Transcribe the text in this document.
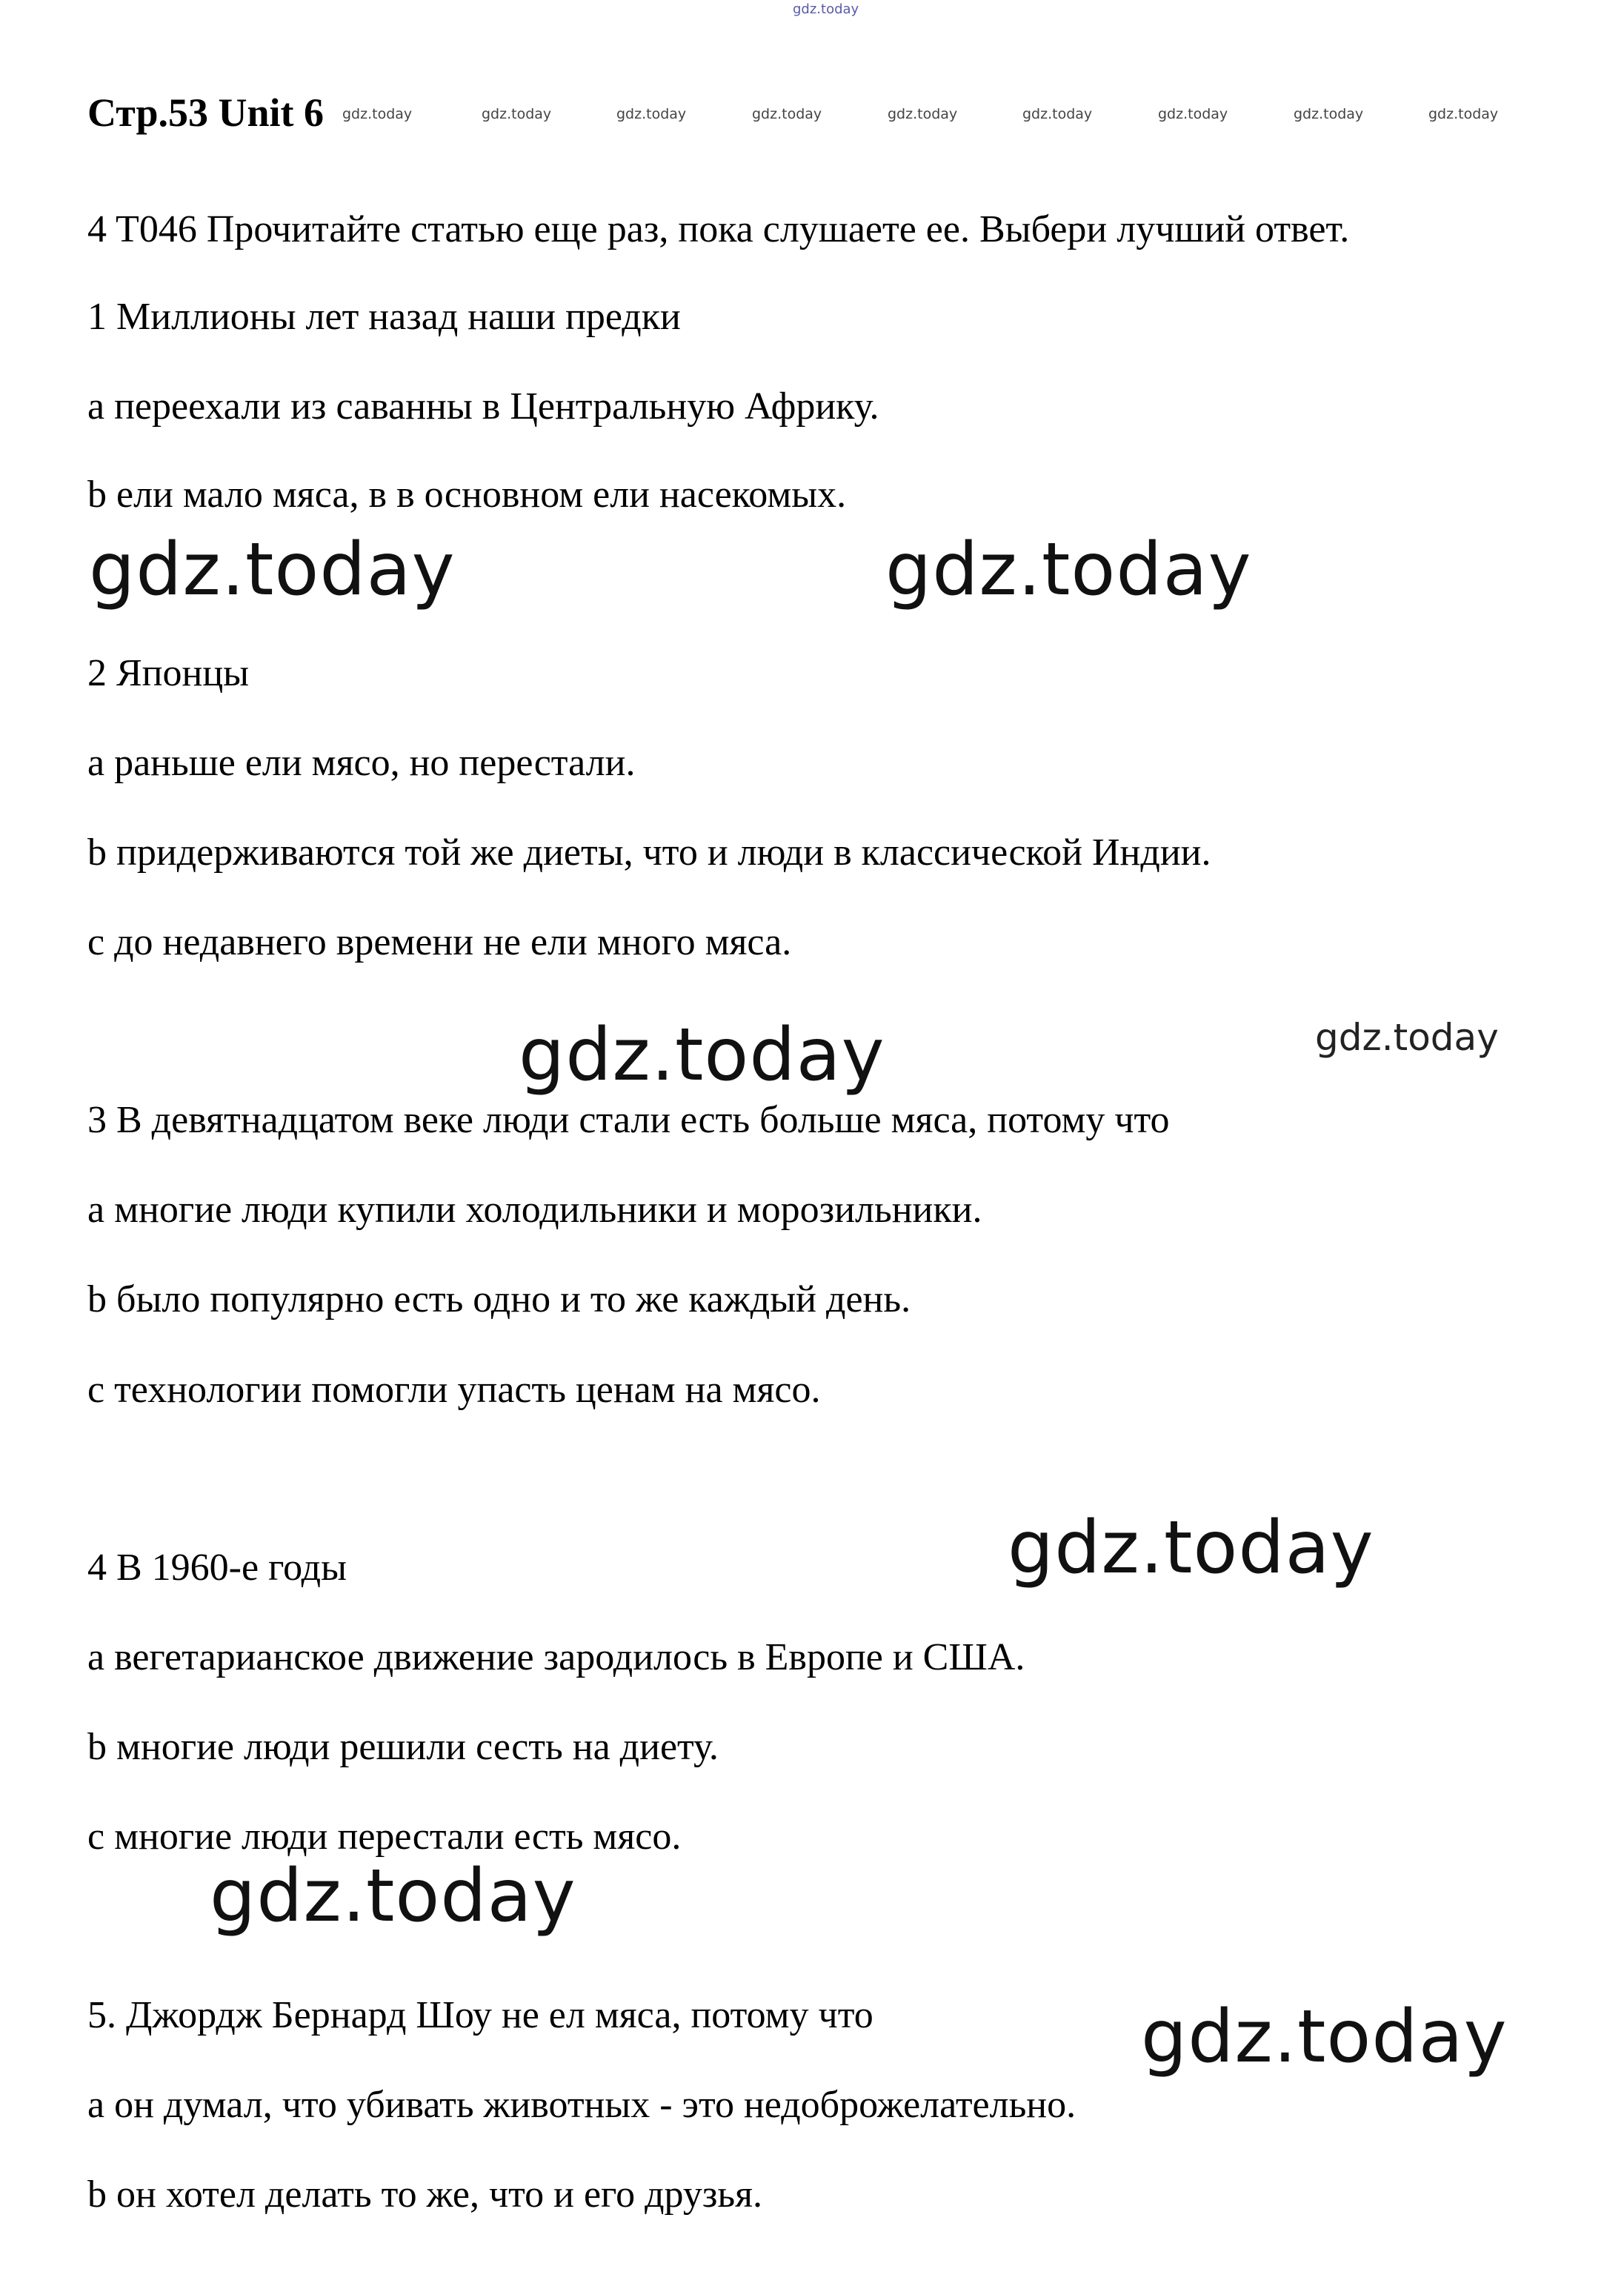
gdz.today
Стр.53 Unit 6 gdz.today	gdz.today	gdz.today	gdz.today	gdz.today	gdz.today	gdz.today	gdz.today	gdz.today
4 T046 Прочитайте статью еще раз, пока слушаете ее. Выбери лучший ответ.
1 Миллионы лет назад наши предки
a переехали из саванны в Центральную Африку.
b ели мало мяса, в в основном ели насекомых.
gdz.today	gdz.today
2 Японцы
a раньше ели мясо, но перестали.
b придерживаются той же диеты, что и люди в классической Индии.
c до недавнего времени не ели много мяса.
gdz.today	gdz.today
3 В девятнадцатом веке люди стали есть больше мяса, потому что
a многие люди купили холодильники и морозильники.
b было популярно есть одно и то же каждый день.
c технологии помогли упасть ценам на мясо.
gdz.today
4 В 1960-е годы
a вегетарианское движение зародилось в Европе и США.
b многие люди решили сесть на диету.
c многие люди перестали есть мясо.
gdz.today
5. Джордж Бернард Шоу не ел мяса, потому что	gdz.today
a он думал, что убивать животных - это недоброжелательно.
b он хотел делать то же, что и его друзья.
